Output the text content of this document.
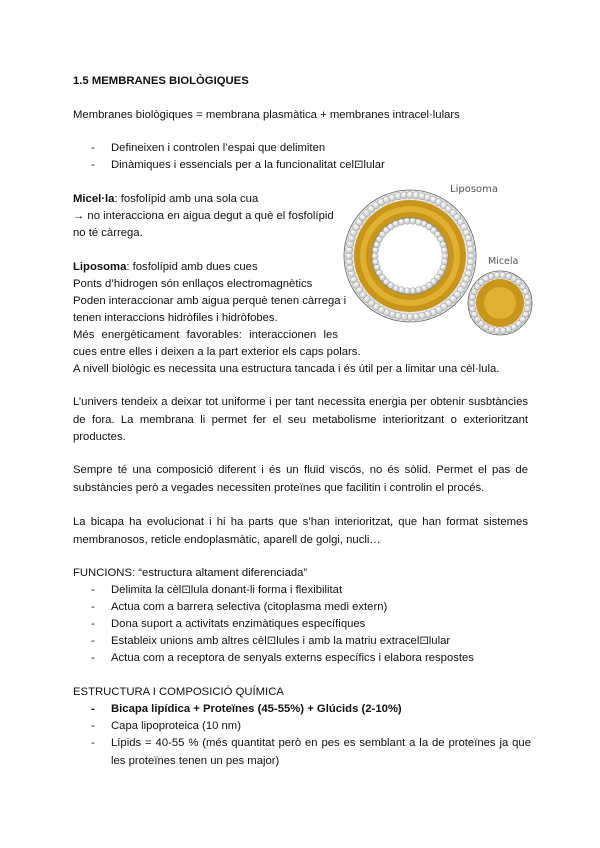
1.5 MEMBRANES BIOLÒGIQUES
Membranes biològiques = membrana plasmàtica + membranes intracel·lulars
- Defineixen i controlen l’espai que delimiten
- Dinàmiques i essencials per a la funcionalitat cel⊡lular
Micel·la: fosfolípid amb una sola cua
→ no interacciona en aigua degut a què el fosfolípid
no té càrrega.
Liposoma: fosfolípid amb dues cues
Ponts d’hidrogen són enllaços electromagnètics
Poden interaccionar amb aigua perquè tenen càrrega i
tenen interaccions hidròfiles i hidròfobes.
Més energèticament favorables: interaccionen les
cues entre elles i deixen a la part exterior els caps polars.
A nivell biològic es necessita una estructura tancada i és útil per a limitar una cèl·lula.
Liposoma
Micela
L’univers tendeix a deixar tot uniforme i per tant necessita energia per obtenir susbtàncies de fora. La membrana li permet fer el seu metabolisme interioritzant o exterioritzant productes.
Sempre té una composició diferent i és un fluid viscós, no és sòlid. Permet el pas de substàncies però a vegades necessiten proteïnes que facilitin i controlin el procés.
La bicapa ha evolucionat i hi ha parts que s’han interioritzat, que han format sistemes membranosos, reticle endoplasmàtic, aparell de golgi, nucli…
FUNCIONS: “estructura altament diferenciada”
- Delimita la cèl⊡lula donant-li forma i flexibilitat
- Actua com a barrera selectiva (citoplasma medi extern)
- Dona suport a activitats enzimàtiques específiques
- Estableix unions amb altres cèl⊡lules i amb la matriu extracel⊡lular
- Actua com a receptora de senyals externs específics i elabora respostes
ESTRUCTURA I COMPOSICIÓ QUÍMICA
- Bicapa lipídica + Proteïnes (45-55%) + Glúcids (2-10%)
- Capa lipoproteica (10 nm)
- Lípids = 40-55 % (més quantitat però en pes es semblant a la de proteïnes ja que les proteïnes tenen un pes major)
